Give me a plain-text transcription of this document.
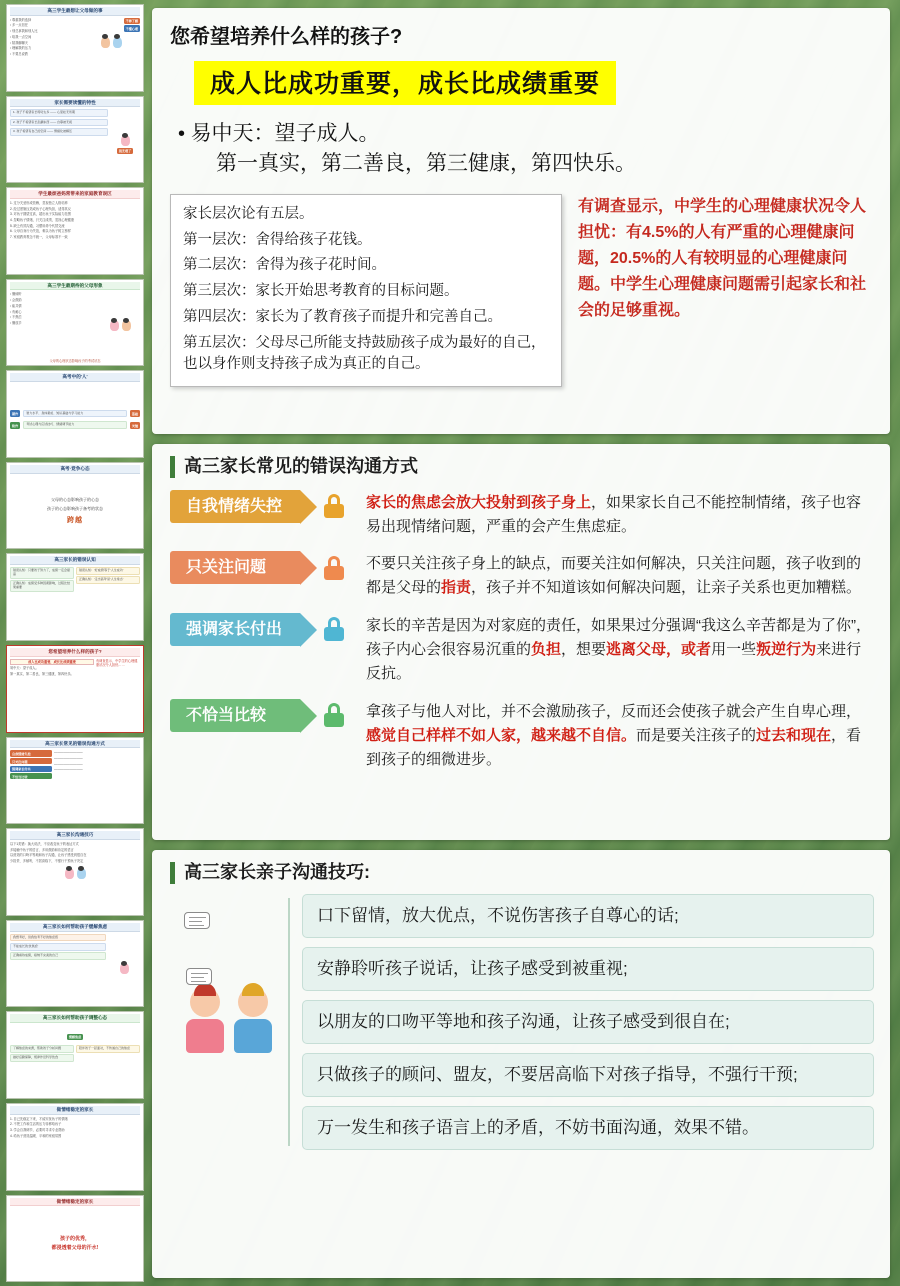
高三学生最想让父母做的事
• 尊重我的选择
• 多一点信任
• 别总拿我和别人比
• 给我一点空间
• 陪我聊聊天
• 理解我的压力
• 不要总说教
不够了解
不懂心理
家长需要读懂的特性
1. 孩子不希望家长唠叨太多 —— 心里松无所期
2. 孩子不希望家长乱翻东西 —— 自尊被无视
3. 孩子希望有自己的空间 —— 情绪化被解压
别无理了
学生最烦爸妈常带来的家庭教育误区
1. 过分关爱形成依赖，忽视独立人格培养
2. 经过度施压造成孩子心理负担，适得其反
3. 对孩子期望过高，超出孩子实际能力范围
4. 忽略孩子情绪，只关注成绩，忽视心理健康
5. 缺乏有效沟通，习惯用命令代替交流
6. 父母自身行为失范，难以为孩子树立榜样
7. 家庭教育观念不统一，父母标准不一致
高三学生最期待的父母形象
• 懂倾听
• 会鼓励
• 能共情
• 有耐心
• 不焦虑
• 懂放手
父母的心理状态影响孩子的考试状态
高考中的'人'
硬件	智力水平、身体素质、知识基础与学习能力	基础
软件	考试心理与应试技巧、情绪调节能力	关键
高考·竞争心态
父母的心态影响孩子的心态
孩子的心态影响孩子备考的状态
跨越
高三家长的错误认知
错误认知：只要孩子努力了，成绩一定会提高
正确认知：成绩受多种因素影响，过程比结果重要
错误认知：'好成绩'等于'人生成功'
正确认知：'走出高考'是'人生常态'
您希望培养什么样的孩子?
成人比成功重要，成长比成绩重要
易中天：望子成人。
第一真实，第二善良，第三健康，第四快乐。
有调查显示，中学生的心理健康状况令人担忧……
高三家长常见的错误沟通方式
自我情绪失控
只关注问题
强调家长付出
不恰当比较
—————————
—————————
—————————
—————————
高三家长沟通技巧
以下1类错：换大说法，不应改变孩子的表达方式
多接触中孩子的语言，多用鼓励和肯定的语言
以营造的口吻平等地和孩子沟通，让孩子感受到很自在
少指责、多倾听，不居高临下，不强行干预孩子决定
高三家长如何帮助孩子缓解焦虑
我想考好，但我怕考不好的焦虑感
不能成长的'抗焦虑'
正确看待成绩，接纳不完美的自己
高三家长如何帮助孩子调整心态
缓解焦虑
了解焦虑的来源，帮助孩子分析问题
做好后勤保障，规律作息科学饮食
陪伴孩子一起面对，不传递自己的焦虑
做情绪稳定的家长
1. 自己先稳定下来，才能安抚孩子的情绪
2. 不把工作和生活的压力转移给孩子
3. 学会自我调节，必要时寻求专业帮助
4. 给孩子营造温暖、平和的家庭氛围
做情绪稳定的家长
孩子的优秀，
都浸透着父母的汗水!
您希望培养什么样的孩子?
成人比成功重要，成长比成绩重要
• 易中天：望子成人。
第一真实，第二善良，第三健康，第四快乐。

家长层次论有五层。

第一层次：舍得给孩子花钱。

第二层次：舍得为孩子花时间。

第三层次：家长开始思考教育的目标问题。

第四层次：家长为了教育孩子而提升和完善自己。

第五层次：父母尽己所能支持鼓励孩子成为最好的自己，也以身作则支持孩子成为真正的自己。

有调查显示，中学生的心理健康状况令人担忧：有4.5%的人有严重的心理健康问题，20.5%的人有较明显的心理健康问题。中学生心理健康问题需引起家长和社会的足够重视。

高三家长常见的错误沟通方式
自我情绪失控	家长的焦虑会放大投射到孩子身上，如果家长自己不能控制情绪，孩子也容易出现情绪问题，严重的会产生焦虑症。
只关注问题	不要只关注孩子身上的缺点，而要关注如何解决，只关注问题，孩子收到的都是父母的指责，孩子并不知道该如何解决问题，让亲子关系也更加糟糕。
强调家长付出	家长的辛苦是因为对家庭的责任，如果果过分强调“我这么辛苦都是为了你”，孩子内心会很容易沉重的负担，想要逃离父母，或者用一些叛逆行为来进行反抗。
不恰当比较	拿孩子与他人对比，并不会激励孩子，反而还会使孩子就会产生自卑心理，感觉自己样样不如人家，越来越不自信。而是要关注孩子的过去和现在，看到孩子的细微进步。
高三家长亲子沟通技巧:
口下留情，放大优点，不说伤害孩子自尊心的话;
安静聆听孩子说话，让孩子感受到被重视;
以朋友的口吻平等地和孩子沟通，让孩子感受到很自在;
只做孩子的顾问、盟友，不要居高临下对孩子指导，不强行干预;
万一发生和孩子语言上的矛盾，不妨书面沟通，效果不错。
